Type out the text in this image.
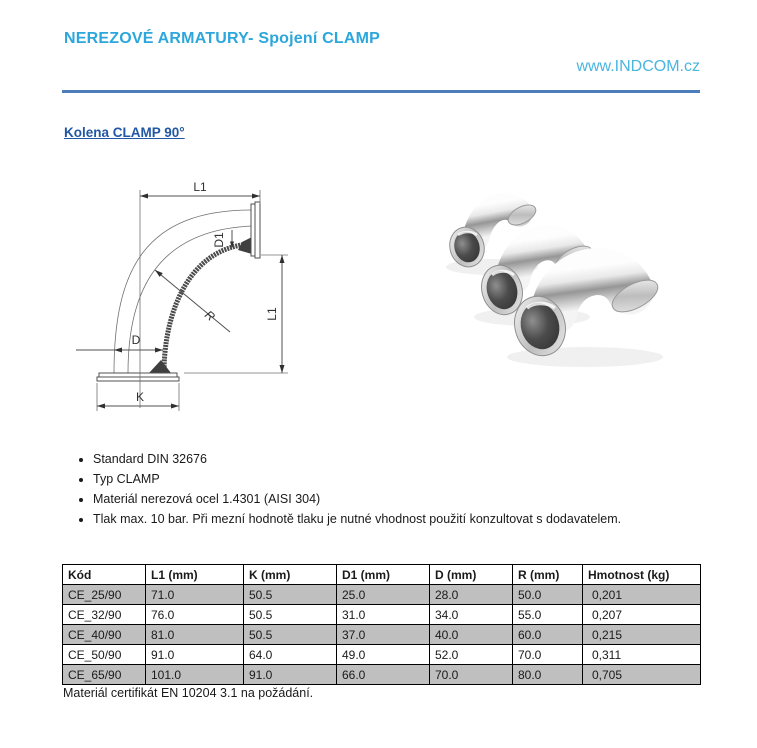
NEREZOVÉ ARMATURY- Spojení CLAMP
www.INDCOM.cz
Kolena CLAMP 90°
L1
L1
D1
R
D
K
• Standard DIN 32676
• Typ CLAMP
• Materiál nerezová ocel 1.4301 (AISI 304)
• Tlak max. 10 bar. Při mezní hodnotě tlaku je nutné vhodnost použití konzultovat s dodavatelem.
Kód	L1 (mm)	K (mm)	D1 (mm)	D (mm)	R (mm)	Hmotnost (kg)
CE_25/90	71.0	50.5	25.0	28.0	50.0	0,201
CE_32/90	76.0	50.5	31.0	34.0	55.0	0,207
CE_40/90	81.0	50.5	37.0	40.0	60.0	0,215
CE_50/90	91.0	64.0	49.0	52.0	70.0	0,311
CE_65/90	101.0	91.0	66.0	70.0	80.0	0,705
Materiál certifikát EN 10204 3.1 na požádání.
